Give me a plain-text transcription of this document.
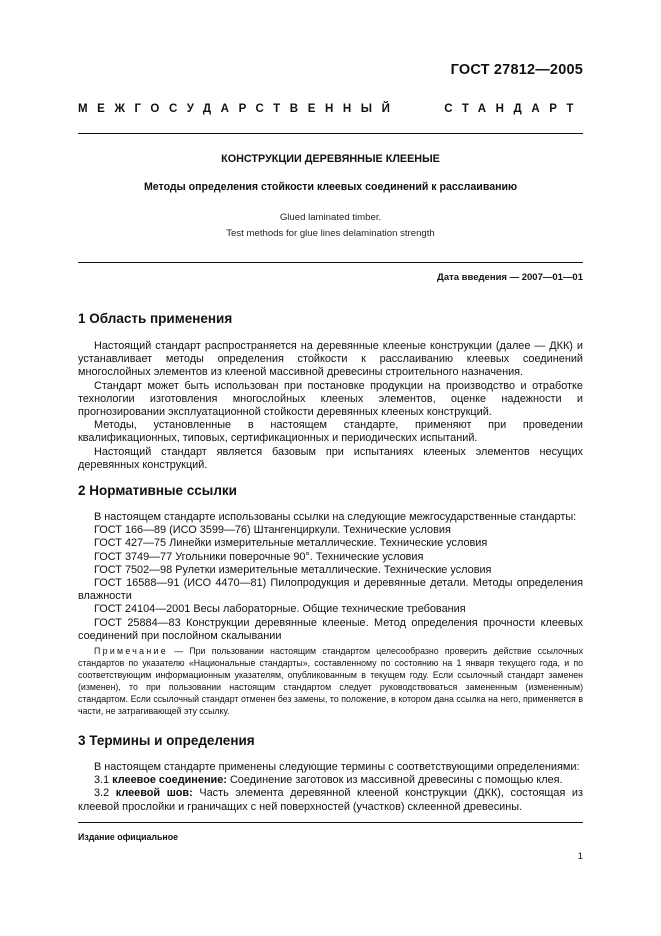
ГОСТ 27812—2005
МЕЖГОСУДАРСТВЕННЫЙ СТАНДАРТ
КОНСТРУКЦИИ ДЕРЕВЯННЫЕ КЛЕЕНЫЕ
Методы определения стойкости клеевых соединений к расслаиванию
Glued laminated timber.
Test methods for glue lines delamination strength
Дата введения — 2007—01—01
1 Область применения

Настоящий стандарт распространяется на деревянные клееные конструкции (далее — ДКК) и устанавливает методы определения стойкости к расслаиванию клеевых соединений многослойных элементов из клееной массивной древесины строительного назначения.

Стандарт может быть использован при постановке продукции на производство и отработке технологии изготовления многослойных клееных элементов, оценке надежности и прогнозировании эксплуатационной стойкости деревянных клееных конструкций.

Методы, установленные в настоящем стандарте, применяют при проведении квалификационных, типовых, сертификационных и периодических испытаний.

Настоящий стандарт является базовым при испытаниях клееных элементов несущих деревянных конструкций.

2 Нормативные ссылки
В настоящем стандарте использованы ссылки на следующие межгосударственные стандарты:
ГОСТ 166—89 (ИСО 3599—76) Штангенциркули. Технические условия
ГОСТ 427—75 Линейки измерительные металлические. Технические условия
ГОСТ 3749—77 Угольники поверочные 90°. Технические условия
ГОСТ 7502—98 Рулетки измерительные металлические. Технические условия
ГОСТ 16588—91 (ИСО 4470—81) Пилопродукция и деревянные детали. Методы определения влажности
ГОСТ 24104—2001 Весы лабораторные. Общие технические требования
ГОСТ 25884—83 Конструкции деревянные клееные. Метод определения прочности клеевых соединений при послойном скалывании

Примечание — При пользовании настоящим стандартом целесообразно проверить действие ссылочных стандартов по указателю «Национальные стандарты», составленному по состоянию на 1 января текущего года, и по соответствующим информационным указателям, опубликованным в текущем году. Если ссылочный стандарт заменен (изменен), то при пользовании настоящим стандартом следует руководствоваться замененным (измененным) стандартом. Если ссылочный стандарт отменен без замены, то положение, в котором дана ссылка на него, применяется в части, не затрагивающей эту ссылку.

3 Термины и определения

В настоящем стандарте применены следующие термины с соответствующими определениями:

3.1 клеевое соединение: Соединение заготовок из массивной древесины с помощью клея.

3.2 клеевой шов: Часть элемента деревянной клееной конструкции (ДКК), состоящая из клеевой прослойки и граничащих с ней поверхностей (участков) склеенной древесины.

Издание официальное
1
